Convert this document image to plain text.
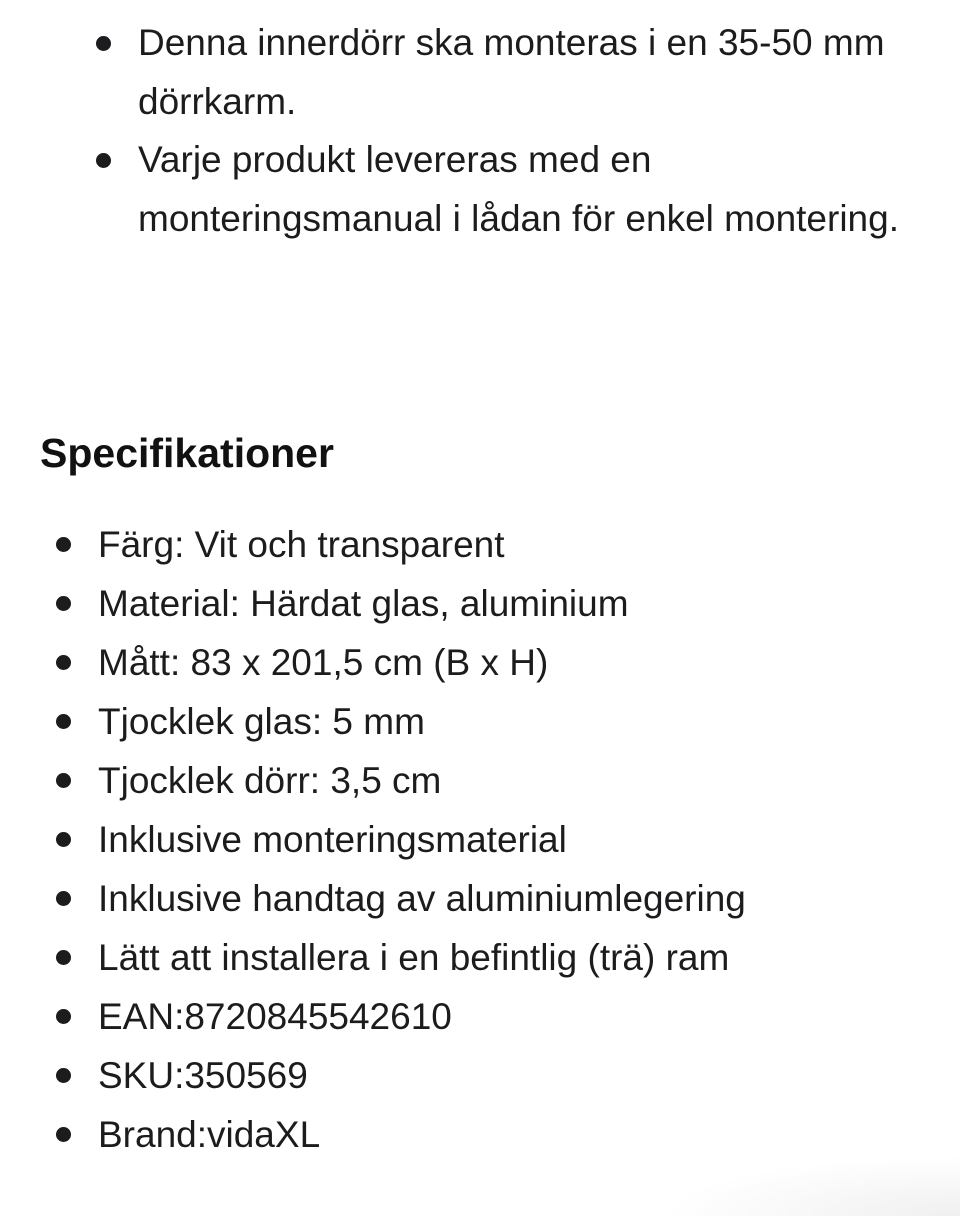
Denna innerdörr ska monteras i en 35-50 mm dörrkarm.
Varje produkt levereras med en monteringsmanual i lådan för enkel montering.
Specifikationer
Färg: Vit och transparent
Material: Härdat glas, aluminium
Mått: 83 x 201,5 cm (B x H)
Tjocklek glas: 5 mm
Tjocklek dörr: 3,5 cm
Inklusive monteringsmaterial
Inklusive handtag av aluminiumlegering
Lätt att installera i en befintlig (trä) ram
EAN:8720845542610
SKU:350569
Brand:vidaXL
